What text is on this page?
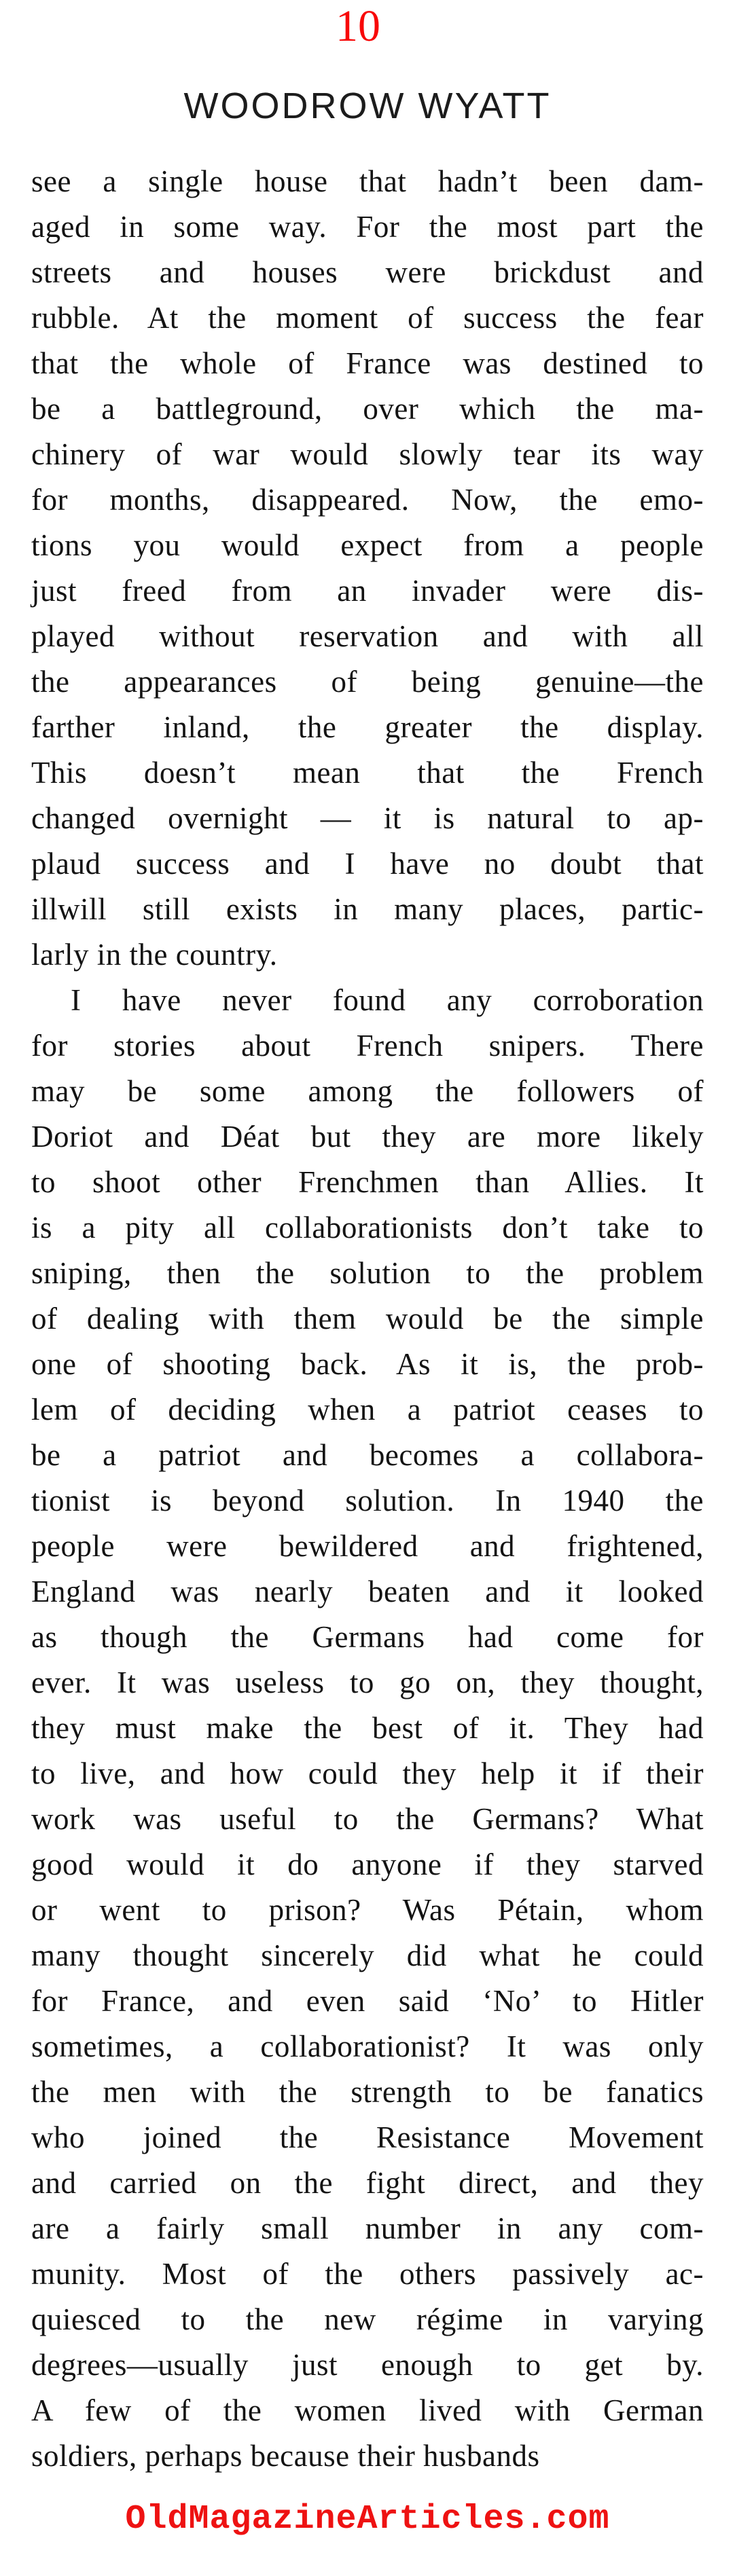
10
WOODROW WYATT
see a single house that hadn’t been dam-
aged in some way. For the most part the
streets and houses were brickdust and
rubble. At the moment of success the fear
that the whole of France was destined to
be a battleground, over which the ma-
chinery of war would slowly tear its way
for months, disappeared. Now, the emo-
tions you would expect from a people
just freed from an invader were dis-
played without reservation and with all
the appearances of being genuine—the
farther inland, the greater the display.
This doesn’t mean that the French
changed overnight — it is natural to ap-
plaud success and I have no doubt that
illwill still exists in many places, partic-
larly in the country.
I have never found any corroboration
for stories about French snipers. There
may be some among the followers of
Doriot and Déat but they are more likely
to shoot other Frenchmen than Allies. It
is a pity all collaborationists don’t take to
sniping, then the solution to the problem
of dealing with them would be the simple
one of shooting back. As it is, the prob-
lem of deciding when a patriot ceases to
be a patriot and becomes a collabora-
tionist is beyond solution. In 1940 the
people were bewildered and frightened,
England was nearly beaten and it looked
as though the Germans had come for
ever. It was useless to go on, they thought,
they must make the best of it. They had
to live, and how could they help it if their
work was useful to the Germans? What
good would it do anyone if they starved
or went to prison? Was Pétain, whom
many thought sincerely did what he could
for France, and even said ‘No’ to Hitler
sometimes, a collaborationist? It was only
the men with the strength to be fanatics
who joined the Resistance Movement
and carried on the fight direct, and they
are a fairly small number in any com-
munity. Most of the others passively ac-
quiesced to the new régime in varying
degrees—usually just enough to get by.
A few of the women lived with German
soldiers, perhaps because their husbands
OldMagazineArticles.com
